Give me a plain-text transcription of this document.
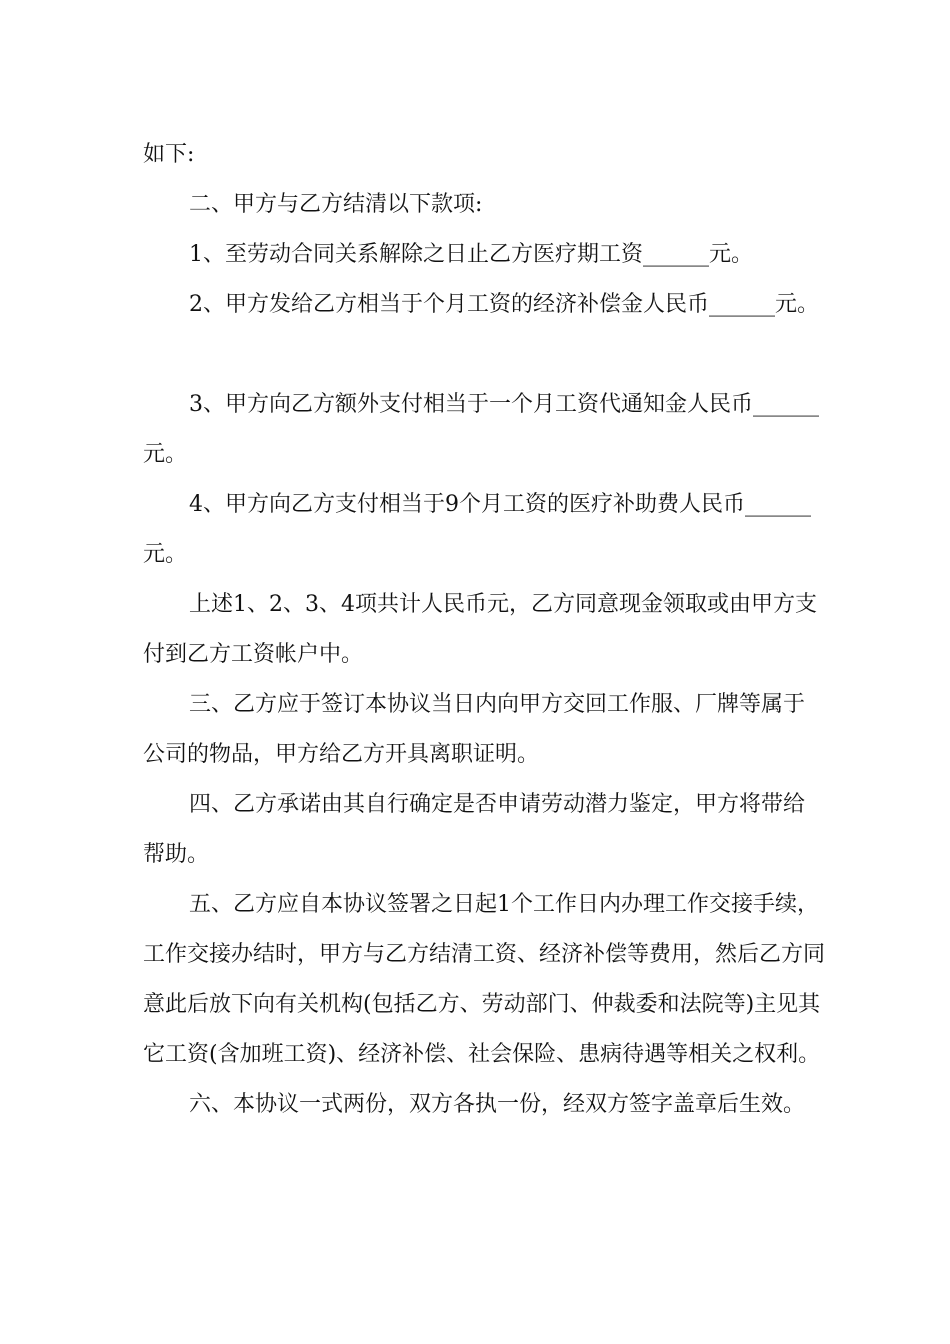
如下:

二、甲方与乙方结清以下款项:

1、至劳动合同关系解除之日止乙方医疗期工资______元。

2、甲方发给乙方相当于个月工资的经济补偿金人民币______元。

3、甲方向乙方额外支付相当于一个月工资代通知金人民币______元。

4、甲方向乙方支付相当于9个月工资的医疗补助费人民币______元。

上述1、2、3、4项共计人民币元，乙方同意现金领取或由甲方支付到乙方工资帐户中。

三、乙方应于签订本协议当日内向甲方交回工作服、厂牌等属于公司的物品，甲方给乙方开具离职证明。

四、乙方承诺由其自行确定是否申请劳动潜力鉴定，甲方将带给帮助。

五、乙方应自本协议签署之日起1个工作日内办理工作交接手续，工作交接办结时，甲方与乙方结清工资、经济补偿等费用，然后乙方同意此后放下向有关机构(包括乙方、劳动部门、仲裁委和法院等)主见其它工资(含加班工资)、经济补偿、社会保险、患病待遇等相关之权利。

六、本协议一式两份，双方各执一份，经双方签字盖章后生效。
